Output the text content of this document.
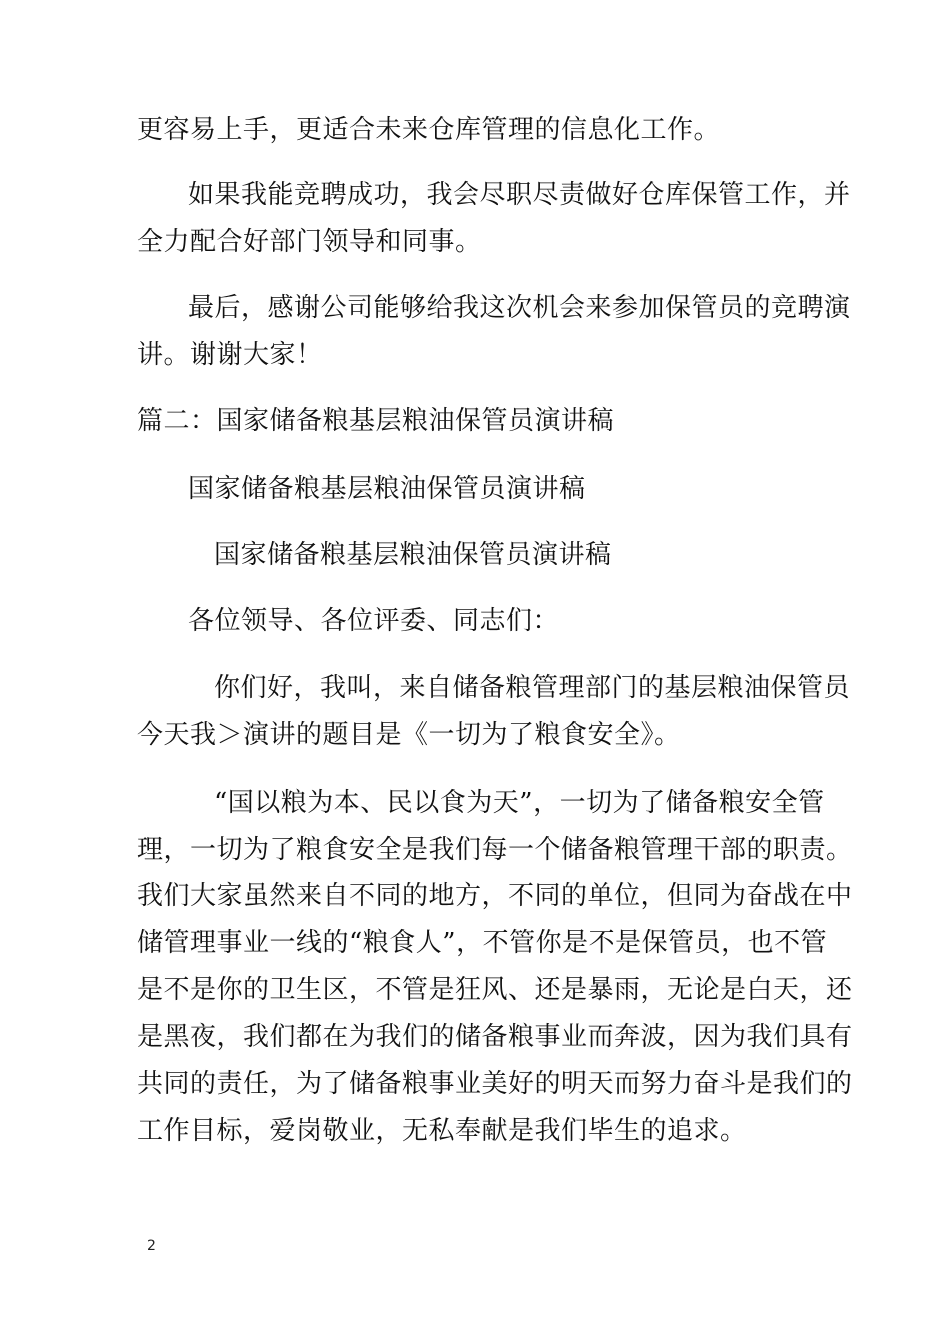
更容易上手，更适合未来仓库管理的信息化工作。
如果我能竞聘成功，我会尽职尽责做好仓库保管工作，并
全力配合好部门领导和同事。
最后，感谢公司能够给我这次机会来参加保管员的竞聘演
讲。谢谢大家！
篇二：国家储备粮基层粮油保管员演讲稿
国家储备粮基层粮油保管员演讲稿
国家储备粮基层粮油保管员演讲稿
各位领导、各位评委、同志们：
你们好，我叫，来自储备粮管理部门的基层粮油保管员
今天我＞演讲的题目是《一切为了粮食安全》。
“国以粮为本、民以食为天”，一切为了储备粮安全管
理，一切为了粮食安全是我们每一个储备粮管理干部的职责。
我们大家虽然来自不同的地方，不同的单位，但同为奋战在中
储管理事业一线的“粮食人”，不管你是不是保管员，也不管
是不是你的卫生区，不管是狂风、还是暴雨，无论是白天，还
是黑夜，我们都在为我们的储备粮事业而奔波，因为我们具有
共同的责任，为了储备粮事业美好的明天而努力奋斗是我们的
工作目标，爱岗敬业，无私奉献是我们毕生的追求。
2
